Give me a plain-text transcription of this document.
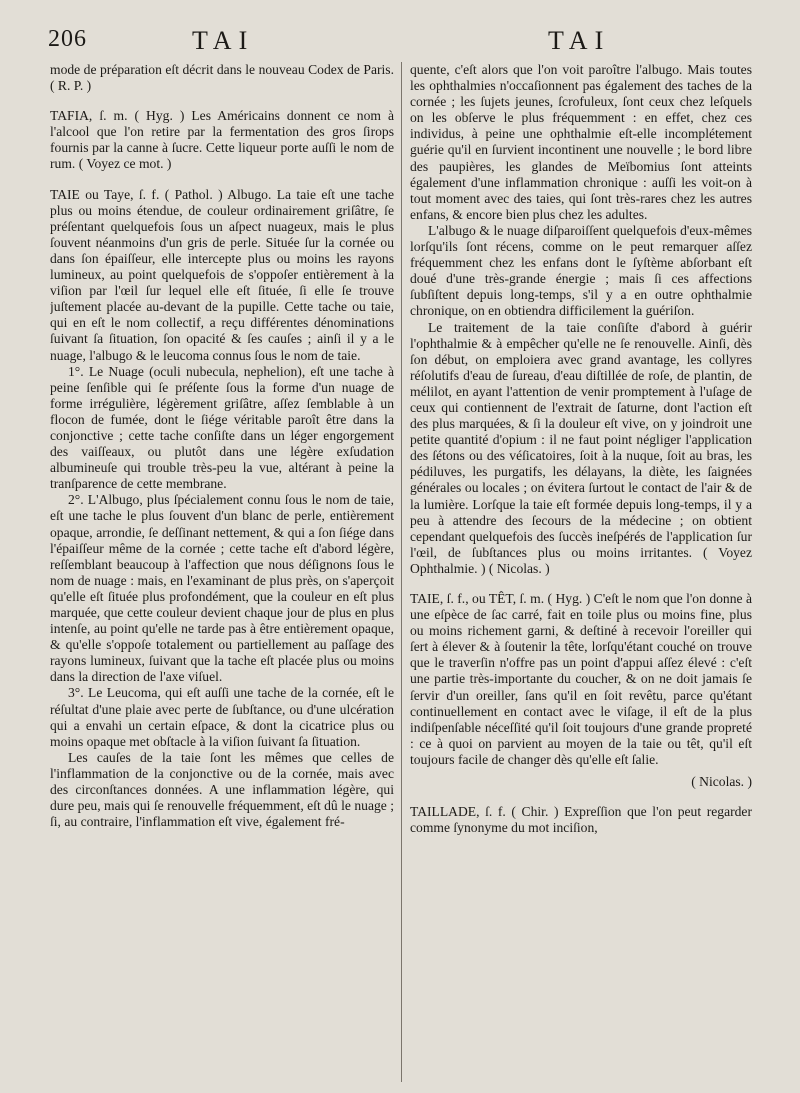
206	TAI	TAI

mode de préparation eſt décrit dans le nouveau Codex de Paris. ( R. P. )

TAFIA, ſ. m. ( Hyg. ) Les Américains donnent ce nom à l'alcool que l'on retire par la fermentation des gros ſirops fournis par la canne à ſucre. Cette liqueur porte auſſi le nom de rum. ( Voyez ce mot. )

TAIE ou Taye, ſ. f. ( Pathol. ) Albugo. La taie eſt une tache plus ou moins étendue, de couleur ordinairement griſâtre, ſe préſentant quelquefois ſous un aſpect nuageux, mais le plus ſouvent néanmoins d'un gris de perle. Située ſur la cornée ou dans ſon épaiſſeur, elle intercepte plus ou moins les rayons lumineux, au point quelquefois de s'oppoſer entièrement à la viſion par l'œil ſur lequel elle eſt ſituée, ſi elle ſe trouve juſtement placée au-devant de la pupille. Cette tache ou taie, qui en eſt le nom collectif, a reçu différentes dénominations ſuivant ſa ſituation, ſon opacité & ſes cauſes ; ainſi il y a le nuage, l'albugo & le leucoma connus ſous le nom de taie.

1°. Le Nuage (oculi nubecula, nephelion), eſt une tache à peine ſenſible qui ſe préſente ſous la forme d'un nuage de forme irrégulière, légèrement griſâtre, aſſez ſemblable à un flocon de fumée, dont le ſiége véritable paroît être dans la conjonctive ; cette tache conſiſte dans un léger engorgement des vaiſſeaux, ou plutôt dans une légère exſudation albumineuſe qui trouble très-peu la vue, altérant à peine la tranſparence de cette membrane.

2°. L'Albugo, plus ſpécialement connu ſous le nom de taie, eſt une tache le plus ſouvent d'un blanc de perle, entièrement opaque, arrondie, ſe deſſinant nettement, & qui a ſon ſiége dans l'épaiſſeur même de la cornée ; cette tache eſt d'abord légère, reſſemblant beaucoup à l'affection que nous déſignons ſous le nom de nuage : mais, en l'examinant de plus près, on s'aperçoit qu'elle eſt ſituée plus profondément, que la couleur en eſt plus marquée, que cette couleur devient chaque jour de plus en plus intenſe, au point qu'elle ne tarde pas à être entièrement opaque, & qu'elle s'oppoſe totalement ou partiellement au paſſage des rayons lumineux, ſuivant que la tache eſt placée plus ou moins dans la direction de l'axe viſuel.

3°. Le Leucoma, qui eſt auſſi une tache de la cornée, eſt le réſultat d'une plaie avec perte de ſubſtance, ou d'une ulcération qui a envahi un certain eſpace, & dont la cicatrice plus ou moins opaque met obſtacle à la viſion ſuivant ſa ſituation.

Les cauſes de la taie ſont les mêmes que celles de l'inflammation de la conjonctive ou de la cornée, mais avec des circonſtances données. A une inflammation légère, qui dure peu, mais qui ſe renouvelle fréquemment, eſt dû le nuage ; ſi, au contraire, l'inflammation eſt vive, également fré-

quente, c'eſt alors que l'on voit paroître l'albugo. Mais toutes les ophthalmies n'occaſionnent pas également des taches de la cornée ; les ſujets jeunes, ſcrofuleux, ſont ceux chez leſquels on les obſerve le plus fréquemment : en effet, chez ces individus, à peine une ophthalmie eſt-elle incomplétement guérie qu'il en ſurvient incontinent une nouvelle ; le bord libre des paupières, les glandes de Meïbomius ſont atteints également d'une inflammation chronique : auſſi les voit-on à tout moment avec des taies, qui ſont très-rares chez les autres enfans, & encore bien plus chez les adultes.

L'albugo & le nuage diſparoiſſent quelquefois d'eux-mêmes lorſqu'ils ſont récens, comme on le peut remarquer aſſez fréquemment chez les enfans dont le ſyſtème abſorbant eſt doué d'une très-grande énergie ; mais ſi ces affections ſubſiſtent depuis long-temps, s'il y a en outre ophthalmie chronique, on en obtiendra difficilement la guériſon.

Le traitement de la taie conſiſte d'abord à guérir l'ophthalmie & à empêcher qu'elle ne ſe renouvelle. Ainſi, dès ſon début, on emploiera avec grand avantage, les collyres réſolutifs d'eau de ſureau, d'eau diſtillée de roſe, de plantin, de mélilot, en ayant l'attention de venir promptement à l'uſage de ceux qui contiennent de l'extrait de ſaturne, dont l'action eſt des plus marquées, & ſi la douleur eſt vive, on y joindroit une petite quantité d'opium : il ne faut point négliger l'application des ſétons ou des véſicatoires, ſoit à la nuque, ſoit au bras, les pédiluves, les purgatifs, les délayans, la diète, les ſaignées générales ou locales ; on évitera ſurtout le contact de l'air & de la lumière. Lorſque la taie eſt formée depuis long-temps, il y a peu à attendre des ſecours de la médecine ; on obtient cependant quelquefois des ſuccès ineſpérés de l'application ſur l'œil, de ſubſtances plus ou moins irritantes. ( Voyez Ophthalmie. ) ( Nicolas. )

TAIE, ſ. f., ou TÊT, ſ. m. ( Hyg. ) C'eſt le nom que l'on donne à une eſpèce de ſac carré, fait en toile plus ou moins fine, plus ou moins richement garni, & deſtiné à recevoir l'oreiller qui ſert à élever & à ſoutenir la tête, lorſqu'étant couché on trouve que le traverſin n'offre pas un point d'appui aſſez élevé : c'eſt une partie très-importante du coucher, & on ne doit jamais ſe ſervir d'un oreiller, ſans qu'il en ſoit revêtu, parce qu'étant continuellement en contact avec le viſage, il eſt de la plus indiſpenſable néceſſité qu'il ſoit toujours d'une grande propreté : ce à quoi on parvient au moyen de la taie ou têt, qu'il eſt toujours facile de changer dès qu'elle eſt ſalie.

( Nicolas. )

TAILLADE, ſ. f. ( Chir. ) Expreſſion que l'on peut regarder comme ſynonyme du mot inciſion,
